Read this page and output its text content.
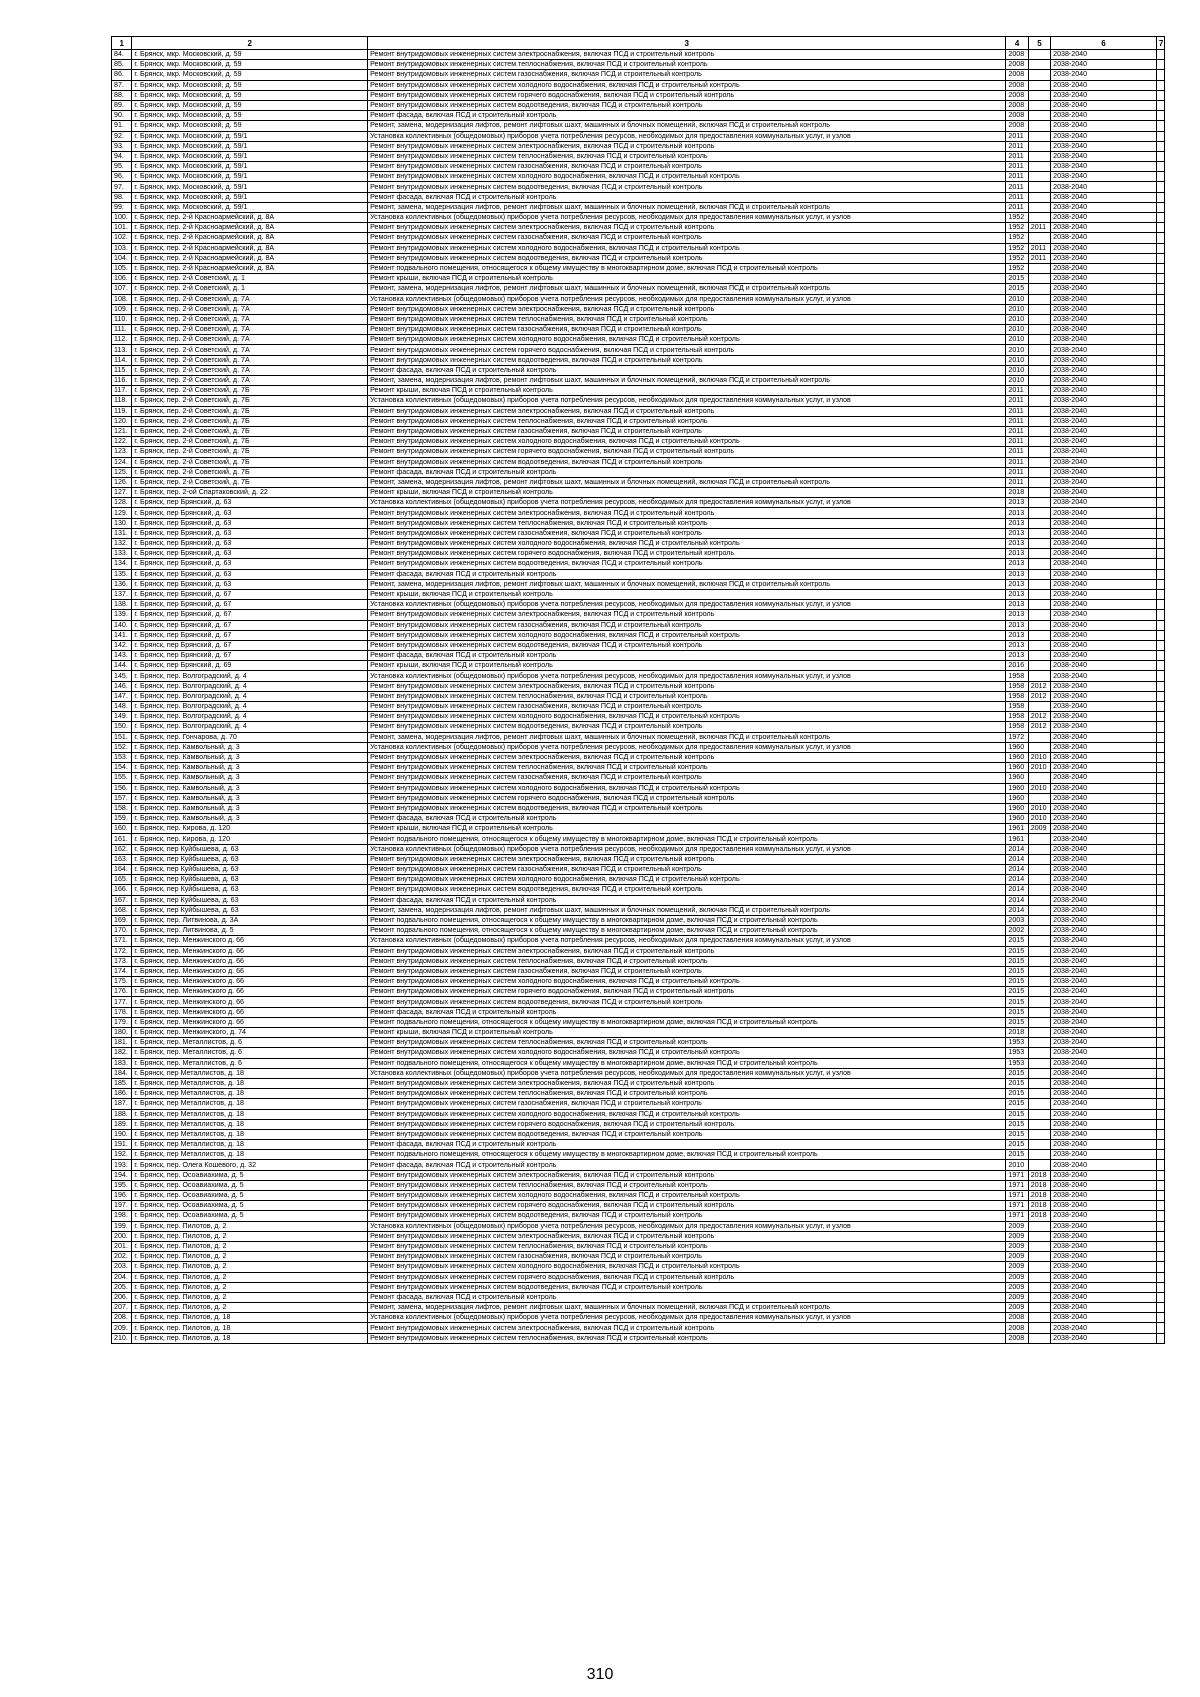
1	2	3	4	5	6	7
84.	г. Брянск, мкр. Московский, д. 59	Ремонт внутридомовых инженерных систем электроснабжения, включая ПСД и строительный контроль	2008		2038-2040	
85.	г. Брянск, мкр. Московский, д. 59	Ремонт внутридомовых инженерных систем теплоснабжения, включая ПСД и строительный контроль	2008		2038-2040	
86.	г. Брянск, мкр. Московский, д. 59	Ремонт внутридомовых инженерных систем газоснабжения, включая ПСД и строительный контроль	2008		2038-2040	
87.	г. Брянск, мкр. Московский, д. 59	Ремонт внутридомовых инженерных систем холодного водоснабжения, включая ПСД и строительный контроль	2008		2038-2040	
88.	г. Брянск, мкр. Московский, д. 59	Ремонт внутридомовых инженерных систем горячего водоснабжения, включая ПСД и строительный контроль	2008		2038-2040	
89.	г. Брянск, мкр. Московский, д. 59	Ремонт внутридомовых инженерных систем водоотведения, включая ПСД и строительный контроль	2008		2038-2040	
90.	г. Брянск, мкр. Московский, д. 59	Ремонт фасада, включая ПСД и строительный контроль	2008		2038-2040	
91.	г. Брянск, мкр. Московский, д. 59	Ремонт, замена, модернизация лифтов, ремонт лифтовых шахт, машинных и блочных помещений, включая ПСД и строительный контроль	2008		2038-2040	
92.	г. Брянск, мкр. Московский, д. 59/1	Установка коллективных (общедомовых) приборов учета потребления ресурсов, необходимых для предоставления коммунальных услуг, и узлов	2011		2038-2040	
93.	г. Брянск, мкр. Московский, д. 59/1	Ремонт внутридомовых инженерных систем электроснабжения, включая ПСД и строительный контроль	2011		2038-2040	
94.	г. Брянск, мкр. Московский, д. 59/1	Ремонт внутридомовых инженерных систем теплоснабжения, включая ПСД и строительный контроль	2011		2038-2040	
95.	г. Брянск, мкр. Московский, д. 59/1	Ремонт внутридомовых инженерных систем газоснабжения, включая ПСД и строительный контроль	2011		2038-2040	
96.	г. Брянск, мкр. Московский, д. 59/1	Ремонт внутридомовых инженерных систем холодного водоснабжения, включая ПСД и строительный контроль	2011		2038-2040	
97.	г. Брянск, мкр. Московский, д. 59/1	Ремонт внутридомовых инженерных систем водоотведения, включая ПСД и строительный контроль	2011		2038-2040	
98.	г. Брянск, мкр. Московский, д. 59/1	Ремонт фасада, включая ПСД и строительный контроль	2011		2038-2040	
99.	г. Брянск, мкр. Московский, д. 59/1	Ремонт, замена, модернизация лифтов, ремонт лифтовых шахт, машинных и блочных помещений, включая ПСД и строительный контроль	2011		2038-2040	
100.	г. Брянск, пер. 2-й Красноармейский, д. 8А	Установка коллективных (общедомовых) приборов учета потребления ресурсов, необходимых для предоставления коммунальных услуг, и узлов	1952		2038-2040	
101.	г. Брянск, пер. 2-й Красноармейский, д. 8А	Ремонт внутридомовых инженерных систем электроснабжения, включая ПСД и строительный контроль	1952	2011	2038-2040	
102.	г. Брянск, пер. 2-й Красноармейский, д. 8А	Ремонт внутридомовых инженерных систем газоснабжения, включая ПСД и строительный контроль	1952		2038-2040	
103.	г. Брянск, пер. 2-й Красноармейский, д. 8А	Ремонт внутридомовых инженерных систем холодного водоснабжения, включая ПСД и строительный контроль	1952	2011	2038-2040	
104.	г. Брянск, пер. 2-й Красноармейский, д. 8А	Ремонт внутридомовых инженерных систем водоотведения, включая ПСД и строительный контроль	1952	2011	2038-2040	
105.	г. Брянск, пер. 2-й Красноармейский, д. 8А	Ремонт подвального помещения, относящегося к общему имуществу в многоквартирном доме, включая ПСД и строительный контроль	1952		2038-2040	
106.	г. Брянск, пер. 2-й Советский, д. 1	Ремонт крыши, включая ПСД и строительный контроль	2015		2038-2040	
107.	г. Брянск, пер. 2-й Советский, д. 1	Ремонт, замена, модернизация лифтов, ремонт лифтовых шахт, машинных и блочных помещений, включая ПСД и строительный контроль	2015		2038-2040	
108.	г. Брянск, пер. 2-й Советский, д. 7А	Установка коллективных (общедомовых) приборов учета потребления ресурсов, необходимых для предоставления коммунальных услуг, и узлов	2010		2038-2040	
109.	г. Брянск, пер. 2-й Советский, д. 7А	Ремонт внутридомовых инженерных систем электроснабжения, включая ПСД и строительный контроль	2010		2038-2040	
110.	г. Брянск, пер. 2-й Советский, д. 7А	Ремонт внутридомовых инженерных систем теплоснабжения, включая ПСД и строительный контроль	2010		2038-2040	
111.	г. Брянск, пер. 2-й Советский, д. 7А	Ремонт внутридомовых инженерных систем газоснабжения, включая ПСД и строительный контроль	2010		2038-2040	
112.	г. Брянск, пер. 2-й Советский, д. 7А	Ремонт внутридомовых инженерных систем холодного водоснабжения, включая ПСД и строительный контроль	2010		2038-2040	
113.	г. Брянск, пер. 2-й Советский, д. 7А	Ремонт внутридомовых инженерных систем горячего водоснабжения, включая ПСД и строительный контроль	2010		2038-2040	
114.	г. Брянск, пер. 2-й Советский, д. 7А	Ремонт внутридомовых инженерных систем водоотведения, включая ПСД и строительный контроль	2010		2038-2040	
115.	г. Брянск, пер. 2-й Советский, д. 7А	Ремонт фасада, включая ПСД и строительный контроль	2010		2038-2040	
116.	г. Брянск, пер. 2-й Советский, д. 7А	Ремонт, замена, модернизация лифтов, ремонт лифтовых шахт, машинных и блочных помещений, включая ПСД и строительный контроль	2010		2038-2040	
117.	г. Брянск, пер. 2-й Советский, д. 7Б	Ремонт крыши, включая ПСД и строительный контроль	2011		2038-2040	
118.	г. Брянск, пер. 2-й Советский, д. 7Б	Установка коллективных (общедомовых) приборов учета потребления ресурсов, необходимых для предоставления коммунальных услуг, и узлов	2011		2038-2040	
119.	г. Брянск, пер. 2-й Советский, д. 7Б	Ремонт внутридомовых инженерных систем электроснабжения, включая ПСД и строительный контроль	2011		2038-2040	
120.	г. Брянск, пер. 2-й Советский, д. 7Б	Ремонт внутридомовых инженерных систем теплоснабжения, включая ПСД и строительный контроль	2011		2038-2040	
121.	г. Брянск, пер. 2-й Советский, д. 7Б	Ремонт внутридомовых инженерных систем газоснабжения, включая ПСД и строительный контроль	2011		2038-2040	
122.	г. Брянск, пер. 2-й Советский, д. 7Б	Ремонт внутридомовых инженерных систем холодного водоснабжения, включая ПСД и строительный контроль	2011		2038-2040	
123.	г. Брянск, пер. 2-й Советский, д. 7Б	Ремонт внутридомовых инженерных систем горячего водоснабжения, включая ПСД и строительный контроль	2011		2038-2040	
124.	г. Брянск, пер. 2-й Советский, д. 7Б	Ремонт внутридомовых инженерных систем водоотведения, включая ПСД и строительный контроль	2011		2038-2040	
125.	г. Брянск, пер. 2-й Советский, д. 7Б	Ремонт фасада, включая ПСД и строительный контроль	2011		2038-2040	
126.	г. Брянск, пер. 2-й Советский, д. 7Б	Ремонт, замена, модернизация лифтов, ремонт лифтовых шахт, машинных и блочных помещений, включая ПСД и строительный контроль	2011		2038-2040	
127.	г. Брянск, пер. 2-ой Спартаковский, д. 22	Ремонт крыши, включая ПСД и строительный контроль	2018		2038-2040	
128.	г. Брянск, пер Брянский, д. 63	Установка коллективных (общедомовых) приборов учета потребления ресурсов, необходимых для предоставления коммунальных услуг, и узлов	2013		2038-2040	
129.	г. Брянск, пер Брянский, д. 63	Ремонт внутридомовых инженерных систем электроснабжения, включая ПСД и строительный контроль	2013		2038-2040	
130.	г. Брянск, пер Брянский, д. 63	Ремонт внутридомовых инженерных систем теплоснабжения, включая ПСД и строительный контроль	2013		2038-2040	
131.	г. Брянск, пер Брянский, д. 63	Ремонт внутридомовых инженерных систем газоснабжения, включая ПСД и строительный контроль	2013		2038-2040	
132.	г. Брянск, пер Брянский, д. 63	Ремонт внутридомовых инженерных систем холодного водоснабжения, включая ПСД и строительный контроль	2013		2038-2040	
133.	г. Брянск, пер Брянский, д. 63	Ремонт внутридомовых инженерных систем горячего водоснабжения, включая ПСД и строительный контроль	2013		2038-2040	
134.	г. Брянск, пер Брянский, д. 63	Ремонт внутридомовых инженерных систем водоотведения, включая ПСД и строительный контроль	2013		2038-2040	
135.	г. Брянск, пер Брянский, д. 63	Ремонт фасада, включая ПСД и строительный контроль	2013		2038-2040	
136.	г. Брянск, пер Брянский, д. 63	Ремонт, замена, модернизация лифтов, ремонт лифтовых шахт, машинных и блочных помещений, включая ПСД и строительный контроль	2013		2038-2040	
137.	г. Брянск, пер Брянский, д. 67	Ремонт крыши, включая ПСД и строительный контроль	2013		2038-2040	
138.	г. Брянск, пер Брянский, д. 67	Установка коллективных (общедомовых) приборов учета потребления ресурсов, необходимых для предоставления коммунальных услуг, и узлов	2013		2038-2040	
139.	г. Брянск, пер Брянский, д. 67	Ремонт внутридомовых инженерных систем электроснабжения, включая ПСД и строительный контроль	2013		2038-2040	
140.	г. Брянск, пер Брянский, д. 67	Ремонт внутридомовых инженерных систем газоснабжения, включая ПСД и строительный контроль	2013		2038-2040	
141.	г. Брянск, пер Брянский, д. 67	Ремонт внутридомовых инженерных систем холодного водоснабжения, включая ПСД и строительный контроль	2013		2038-2040	
142.	г. Брянск, пер Брянский, д. 67	Ремонт внутридомовых инженерных систем водоотведения, включая ПСД и строительный контроль	2013		2038-2040	
143.	г. Брянск, пер Брянский, д. 67	Ремонт фасада, включая ПСД и строительный контроль	2013		2038-2040	
144.	г. Брянск, пер Брянский, д. 69	Ремонт крыши, включая ПСД и строительный контроль	2016		2038-2040	
145.	г. Брянск, пер. Волгоградский, д. 4	Установка коллективных (общедомовых) приборов учета потребления ресурсов, необходимых для предоставления коммунальных услуг, и узлов	1958		2038-2040	
146.	г. Брянск, пер. Волгоградский, д. 4	Ремонт внутридомовых инженерных систем электроснабжения, включая ПСД и строительный контроль	1958	2012	2038-2040	
147.	г. Брянск, пер. Волгоградский, д. 4	Ремонт внутридомовых инженерных систем теплоснабжения, включая ПСД и строительный контроль	1958	2012	2038-2040	
148.	г. Брянск, пер. Волгоградский, д. 4	Ремонт внутридомовых инженерных систем газоснабжения, включая ПСД и строительный контроль	1958		2038-2040	
149.	г. Брянск, пер. Волгоградский, д. 4	Ремонт внутридомовых инженерных систем холодного водоснабжения, включая ПСД и строительный контроль	1958	2012	2038-2040	
150.	г. Брянск, пер. Волгоградский, д. 4	Ремонт внутридомовых инженерных систем водоотведения, включая ПСД и строительный контроль	1958	2012	2038-2040	
151.	г. Брянск, пер. Гончарова, д. 70	Ремонт, замена, модернизация лифтов, ремонт лифтовых шахт, машинных и блочных помещений, включая ПСД и строительный контроль	1972		2038-2040	
152.	г. Брянск, пер. Камвольный, д. 3	Установка коллективных (общедомовых) приборов учета потребления ресурсов, необходимых для предоставления коммунальных услуг, и узлов	1960		2038-2040	
153.	г. Брянск, пер. Камвольный, д. 3	Ремонт внутридомовых инженерных систем электроснабжения, включая ПСД и строительный контроль	1960	2010	2038-2040	
154.	г. Брянск, пер. Камвольный, д. 3	Ремонт внутридомовых инженерных систем теплоснабжения, включая ПСД и строительный контроль	1960	2010	2038-2040	
155.	г. Брянск, пер. Камвольный, д. 3	Ремонт внутридомовых инженерных систем газоснабжения, включая ПСД и строительный контроль	1960		2038-2040	
156.	г. Брянск, пер. Камвольный, д. 3	Ремонт внутридомовых инженерных систем холодного водоснабжения, включая ПСД и строительный контроль	1960	2010	2038-2040	
157.	г. Брянск, пер. Камвольный, д. 3	Ремонт внутридомовых инженерных систем горячего водоснабжения, включая ПСД и строительный контроль	1960		2038-2040	
158.	г. Брянск, пер. Камвольный, д. 3	Ремонт внутридомовых инженерных систем водоотведения, включая ПСД и строительный контроль	1960	2010	2038-2040	
159.	г. Брянск, пер. Камвольный, д. 3	Ремонт фасада, включая ПСД и строительный контроль	1960	2010	2038-2040	
160.	г. Брянск, пер. Кирова, д. 120	Ремонт крыши, включая ПСД и строительный контроль	1961	2009	2038-2040	
161.	г. Брянск, пер. Кирова, д. 120	Ремонт подвального помещения, относящегося к общему имуществу в многоквартирном доме, включая ПСД и строительный контроль	1961		2038-2040	
162.	г. Брянск, пер Куйбышева, д. 63	Установка коллективных (общедомовых) приборов учета потребления ресурсов, необходимых для предоставления коммунальных услуг, и узлов	2014		2038-2040	
163.	г. Брянск, пер Куйбышева, д. 63	Ремонт внутридомовых инженерных систем электроснабжения, включая ПСД и строительный контроль	2014		2038-2040	
164.	г. Брянск, пер Куйбышева, д. 63	Ремонт внутридомовых инженерных систем газоснабжения, включая ПСД и строительный контроль	2014		2038-2040	
165.	г. Брянск, пер Куйбышева, д. 63	Ремонт внутридомовых инженерных систем холодного водоснабжения, включая ПСД и строительный контроль	2014		2038-2040	
166.	г. Брянск, пер Куйбышева, д. 63	Ремонт внутридомовых инженерных систем водоотведения, включая ПСД и строительный контроль	2014		2038-2040	
167.	г. Брянск, пер Куйбышева, д. 63	Ремонт фасада, включая ПСД и строительный контроль	2014		2038-2040	
168.	г. Брянск, пер Куйбышева, д. 63	Ремонт, замена, модернизация лифтов, ремонт лифтовых шахт, машинных и блочных помещений, включая ПСД и строительный контроль	2014		2038-2040	
169.	г. Брянск, пер. Литвинова, д. 3А	Ремонт подвального помещения, относящегося к общему имуществу в многоквартирном доме, включая ПСД и строительный контроль	2003		2038-2040	
170.	г. Брянск, пер. Литвинова, д. 5	Ремонт подвального помещения, относящегося к общему имуществу в многоквартирном доме, включая ПСД и строительный контроль	2002		2038-2040	
171.	г. Брянск, пер. Менжинского д. 66	Установка коллективных (общедомовых) приборов учета потребления ресурсов, необходимых для предоставления коммунальных услуг, и узлов	2015		2038-2040	
172.	г. Брянск, пер. Менжинского д. 66	Ремонт внутридомовых инженерных систем электроснабжения, включая ПСД и строительный контроль	2015		2038-2040	
173.	г. Брянск, пер. Менжинского д. 66	Ремонт внутридомовых инженерных систем теплоснабжения, включая ПСД и строительный контроль	2015		2038-2040	
174.	г. Брянск, пер. Менжинского д. 66	Ремонт внутридомовых инженерных систем газоснабжения, включая ПСД и строительный контроль	2015		2038-2040	
175.	г. Брянск, пер. Менжинского д. 66	Ремонт внутридомовых инженерных систем холодного водоснабжения, включая ПСД и строительный контроль	2015		2038-2040	
176.	г. Брянск, пер. Менжинского д. 66	Ремонт внутридомовых инженерных систем горячего водоснабжения, включая ПСД и строительный контроль	2015		2038-2040	
177.	г. Брянск, пер. Менжинского д. 66	Ремонт внутридомовых инженерных систем водоотведения, включая ПСД и строительный контроль	2015		2038-2040	
178.	г. Брянск, пер. Менжинского д. 66	Ремонт фасада, включая ПСД и строительный контроль	2015		2038-2040	
179.	г. Брянск, пер. Менжинского д. 66	Ремонт подвального помещения, относящегося к общему имуществу в многоквартирном доме, включая ПСД и строительный контроль	2015		2038-2040	
180.	г. Брянск, пер. Менжинского, д. 74	Ремонт крыши, включая ПСД и строительный контроль	2018		2038-2040	
181.	г. Брянск, пер. Металлистов, д. 6	Ремонт внутридомовых инженерных систем теплоснабжения, включая ПСД и строительный контроль	1953		2038-2040	
182.	г. Брянск, пер. Металлистов, д. 6	Ремонт внутридомовых инженерных систем холодного водоснабжения, включая ПСД и строительный контроль	1953		2038-2040	
183.	г. Брянск, пер. Металлистов, д. 6	Ремонт подвального помещения, относящегося к общему имуществу в многоквартирном доме, включая ПСД и строительный контроль	1953		2038-2040	
184.	г. Брянск, пер Металлистов, д. 18	Установка коллективных (общедомовых) приборов учета потребления ресурсов, необходимых для предоставления коммунальных услуг, и узлов	2015		2038-2040	
185.	г. Брянск, пер Металлистов, д. 18	Ремонт внутридомовых инженерных систем электроснабжения, включая ПСД и строительный контроль	2015		2038-2040	
186.	г. Брянск, пер Металлистов, д. 18	Ремонт внутридомовых инженерных систем теплоснабжения, включая ПСД и строительный контроль	2015		2038-2040	
187.	г. Брянск, пер Металлистов, д. 18	Ремонт внутридомовых инженерных систем газоснабжения, включая ПСД и строительный контроль	2015		2038-2040	
188.	г. Брянск, пер Металлистов, д. 18	Ремонт внутридомовых инженерных систем холодного водоснабжения, включая ПСД и строительный контроль	2015		2038-2040	
189.	г. Брянск, пер Металлистов, д. 18	Ремонт внутридомовых инженерных систем горячего водоснабжения, включая ПСД и строительный контроль	2015		2038-2040	
190.	г. Брянск, пер Металлистов, д. 18	Ремонт внутридомовых инженерных систем водоотведения, включая ПСД и строительный контроль	2015		2038-2040	
191.	г. Брянск, пер Металлистов, д. 18	Ремонт фасада, включая ПСД и строительный контроль	2015		2038-2040	
192.	г. Брянск, пер Металлистов, д. 18	Ремонт подвального помещения, относящегося к общему имуществу в многоквартирном доме, включая ПСД и строительный контроль	2015		2038-2040	
193.	г. Брянск, пер. Олега Кошевого, д. 32	Ремонт фасада, включая ПСД и строительный контроль	2010		2038-2040	
194.	г. Брянск, пер. Осоавиахима, д. 5	Ремонт внутридомовых инженерных систем электроснабжения, включая ПСД и строительный контроль	1971	2018	2038-2040	
195.	г. Брянск, пер. Осоавиахима, д. 5	Ремонт внутридомовых инженерных систем теплоснабжения, включая ПСД и строительный контроль	1971	2018	2038-2040	
196.	г. Брянск, пер. Осоавиахима, д. 5	Ремонт внутридомовых инженерных систем холодного водоснабжения, включая ПСД и строительный контроль	1971	2018	2038-2040	
197.	г. Брянск, пер. Осоавиахима, д. 5	Ремонт внутридомовых инженерных систем горячего водоснабжения, включая ПСД и строительный контроль	1971	2018	2038-2040	
198.	г. Брянск, пер. Осоавиахима, д. 5	Ремонт внутридомовых инженерных систем водоотведения, включая ПСД и строительный контроль	1971	2018	2038-2040	
199.	г. Брянск, пер. Пилотов, д. 2	Установка коллективных (общедомовых) приборов учета потребления ресурсов, необходимых для предоставления коммунальных услуг, и узлов	2009		2038-2040	
200.	г. Брянск, пер. Пилотов, д. 2	Ремонт внутридомовых инженерных систем электроснабжения, включая ПСД и строительный контроль	2009		2038-2040	
201.	г. Брянск, пер. Пилотов, д. 2	Ремонт внутридомовых инженерных систем теплоснабжения, включая ПСД и строительный контроль	2009		2038-2040	
202.	г. Брянск, пер. Пилотов, д. 2	Ремонт внутридомовых инженерных систем газоснабжения, включая ПСД и строительный контроль	2009		2038-2040	
203.	г. Брянск, пер. Пилотов, д. 2	Ремонт внутридомовых инженерных систем холодного водоснабжения, включая ПСД и строительный контроль	2009		2038-2040	
204.	г. Брянск, пер. Пилотов, д. 2	Ремонт внутридомовых инженерных систем горячего водоснабжения, включая ПСД и строительный контроль	2009		2038-2040	
205.	г. Брянск, пер. Пилотов, д. 2	Ремонт внутридомовых инженерных систем водоотведения, включая ПСД и строительный контроль	2009		2038-2040	
206.	г. Брянск, пер. Пилотов, д. 2	Ремонт фасада, включая ПСД и строительный контроль	2009		2038-2040	
207.	г. Брянск, пер. Пилотов, д. 2	Ремонт, замена, модернизация лифтов, ремонт лифтовых шахт, машинных и блочных помещений, включая ПСД и строительный контроль	2009		2038-2040	
208.	г. Брянск, пер. Пилотов, д. 18	Установка коллективных (общедомовых) приборов учета потребления ресурсов, необходимых для предоставления коммунальных услуг, и узлов	2008		2038-2040	
209.	г. Брянск, пер. Пилотов, д. 18	Ремонт внутридомовых инженерных систем электроснабжения, включая ПСД и строительный контроль	2008		2038-2040	
210.	г. Брянск, пер. Пилотов, д. 18	Ремонт внутридомовых инженерных систем теплоснабжения, включая ПСД и строительный контроль	2008		2038-2040	
310
